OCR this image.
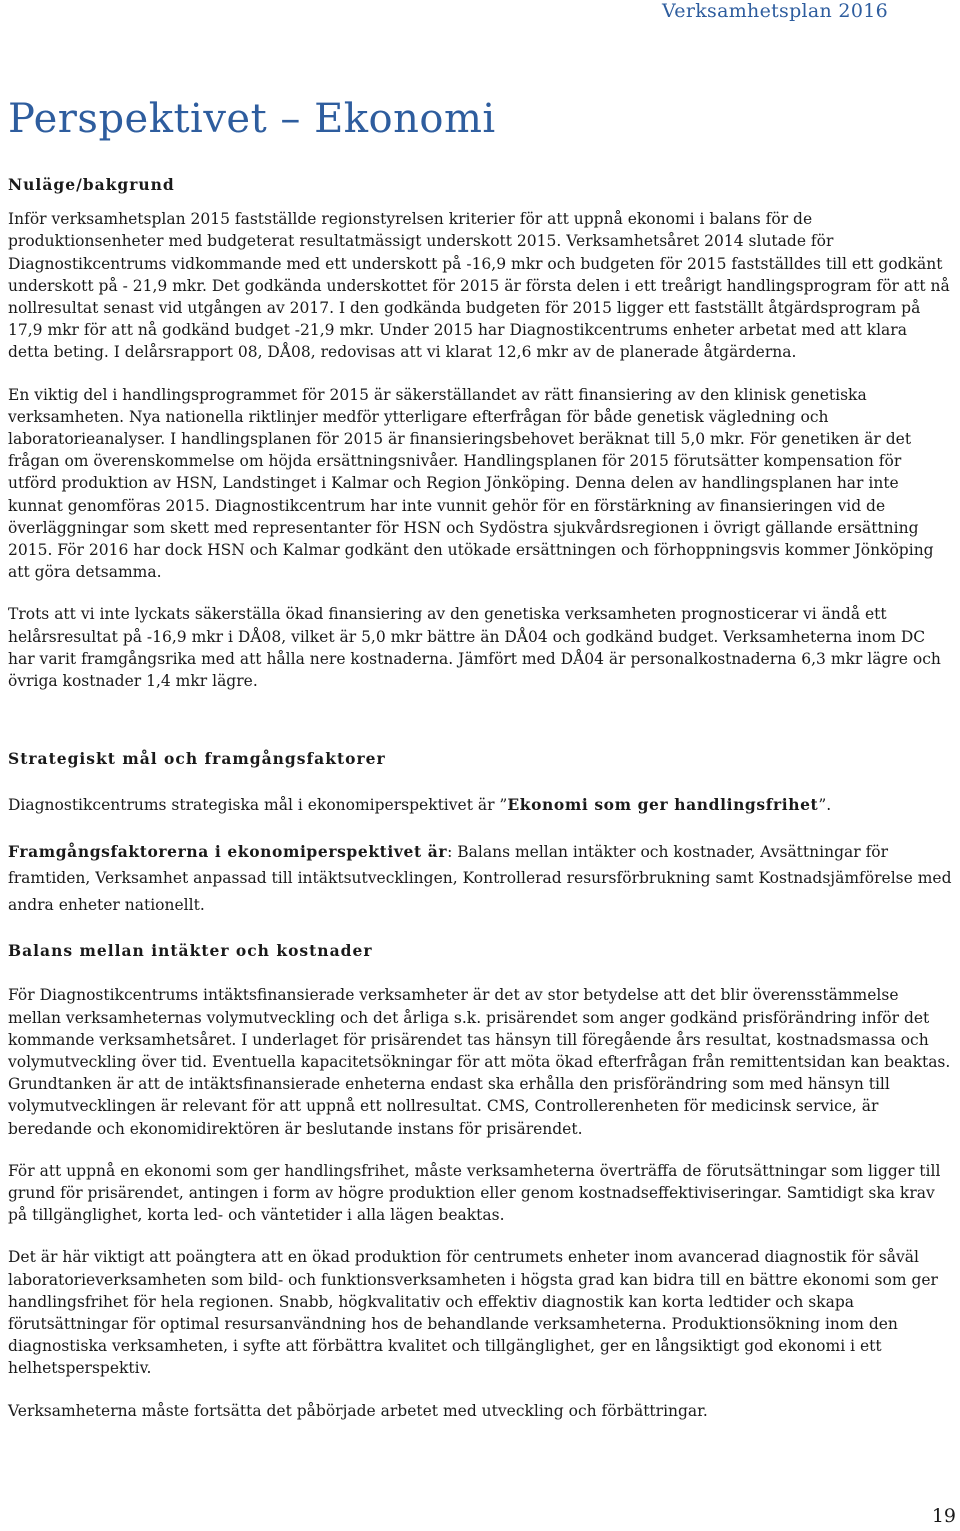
Verksamhetsplan 2016
Perspektivet – Ekonomi
Nuläge/bakgrund

Inför verksamhetsplan 2015 fastställde regionstyrelsen kriterier för att uppnå ekonomi i balans för de produktionsenheter med budgeterat resultatmässigt underskott 2015. Verksamhetsåret 2014 slutade för Diagnostikcentrums vidkommande med ett underskott på -16,9 mkr och budgeten för 2015 fastställdes till ett godkänt underskott på - 21,9 mkr. Det godkända underskottet för 2015 är första delen i ett treårigt handlingsprogram för att nå nollresultat senast vid utgången av 2017. I den godkända budgeten för 2015 ligger ett fastställt åtgärdsprogram på 17,9 mkr för att nå godkänd budget -21,9 mkr. Under 2015 har Diagnostikcentrums enheter arbetat med att klara detta beting. I delårsrapport 08, DÅ08, redovisas att vi klarat 12,6 mkr av de planerade åtgärderna.

En viktig del i handlingsprogrammet för 2015 är säkerställandet av rätt finansiering av den klinisk genetiska verksamheten. Nya nationella riktlinjer medför ytterligare efterfrågan för både genetisk vägledning och laboratorieanalyser. I handlingsplanen för 2015 är finansieringsbehovet beräknat till 5,0 mkr. För genetiken är det frågan om överenskommelse om höjda ersättningsnivåer. Handlingsplanen för 2015 förutsätter kompensation för utförd produktion av HSN, Landstinget i Kalmar och Region Jönköping. Denna delen av handlingsplanen har inte kunnat genomföras 2015. Diagnostikcentrum har inte vunnit gehör för en förstärkning av finansieringen vid de överläggningar som skett med representanter för HSN och Sydöstra sjukvårdsregionen i övrigt gällande ersättning 2015. För 2016 har dock HSN och Kalmar godkänt den utökade ersättningen och förhoppningsvis kommer Jönköping att göra detsamma.

Trots att vi inte lyckats säkerställa ökad finansiering av den genetiska verksamheten prognosticerar vi ändå ett helårsresultat på -16,9 mkr i DÅ08, vilket är 5,0 mkr bättre än DÅ04 och godkänd budget. Verksamheterna inom DC har varit framgångsrika med att hålla nere kostnaderna. Jämfört med DÅ04 är personalkostnaderna 6,3 mkr lägre och övriga kostnader 1,4 mkr lägre.

Strategiskt mål och framgångsfaktorer

Diagnostikcentrums strategiska mål i ekonomiperspektivet är ”Ekonomi som ger handlingsfrihet”.

Framgångsfaktorerna i ekonomiperspektivet är: Balans mellan intäkter och kostnader, Avsättningar för framtiden, Verksamhet anpassad till intäktsutvecklingen, Kontrollerad resursförbrukning samt Kostnadsjämförelse med andra enheter nationellt.

Balans mellan intäkter och kostnader

För Diagnostikcentrums intäktsfinansierade verksamheter är det av stor betydelse att det blir överensstämmelse mellan verksamheternas volymutveckling och det årliga s.k. prisärendet som anger godkänd prisförändring inför det kommande verksamhetsåret. I underlaget för prisärendet tas hänsyn till föregående års resultat, kostnadsmassa och volymutveckling över tid. Eventuella kapacitetsökningar för att möta ökad efterfrågan från remittentsidan kan beaktas. Grundtanken är att de intäktsfinansierade enheterna endast ska erhålla den prisförändring som med hänsyn till volymutvecklingen är relevant för att uppnå ett nollresultat. CMS, Controllerenheten för medicinsk service, är beredande och ekonomidirektören är beslutande instans för prisärendet.

För att uppnå en ekonomi som ger handlingsfrihet, måste verksamheterna överträffa de förutsättningar som ligger till grund för prisärendet, antingen i form av högre produktion eller genom kostnadseffektiviseringar. Samtidigt ska krav på tillgänglighet, korta led- och väntetider i alla lägen beaktas.

Det är här viktigt att poängtera att en ökad produktion för centrumets enheter inom avancerad diagnostik för såväl laboratorieverksamheten som bild- och funktionsverksamheten i högsta grad kan bidra till en bättre ekonomi som ger handlingsfrihet för hela regionen. Snabb, högkvalitativ och effektiv diagnostik kan korta ledtider och skapa förutsättningar för optimal resursanvändning hos de behandlande verksamheterna. Produktionsökning inom den diagnostiska verksamheten, i syfte att förbättra kvalitet och tillgänglighet, ger en långsiktigt god ekonomi i ett helhetsperspektiv.

Verksamheterna måste fortsätta det påbörjade arbetet med utveckling och förbättringar.

19
